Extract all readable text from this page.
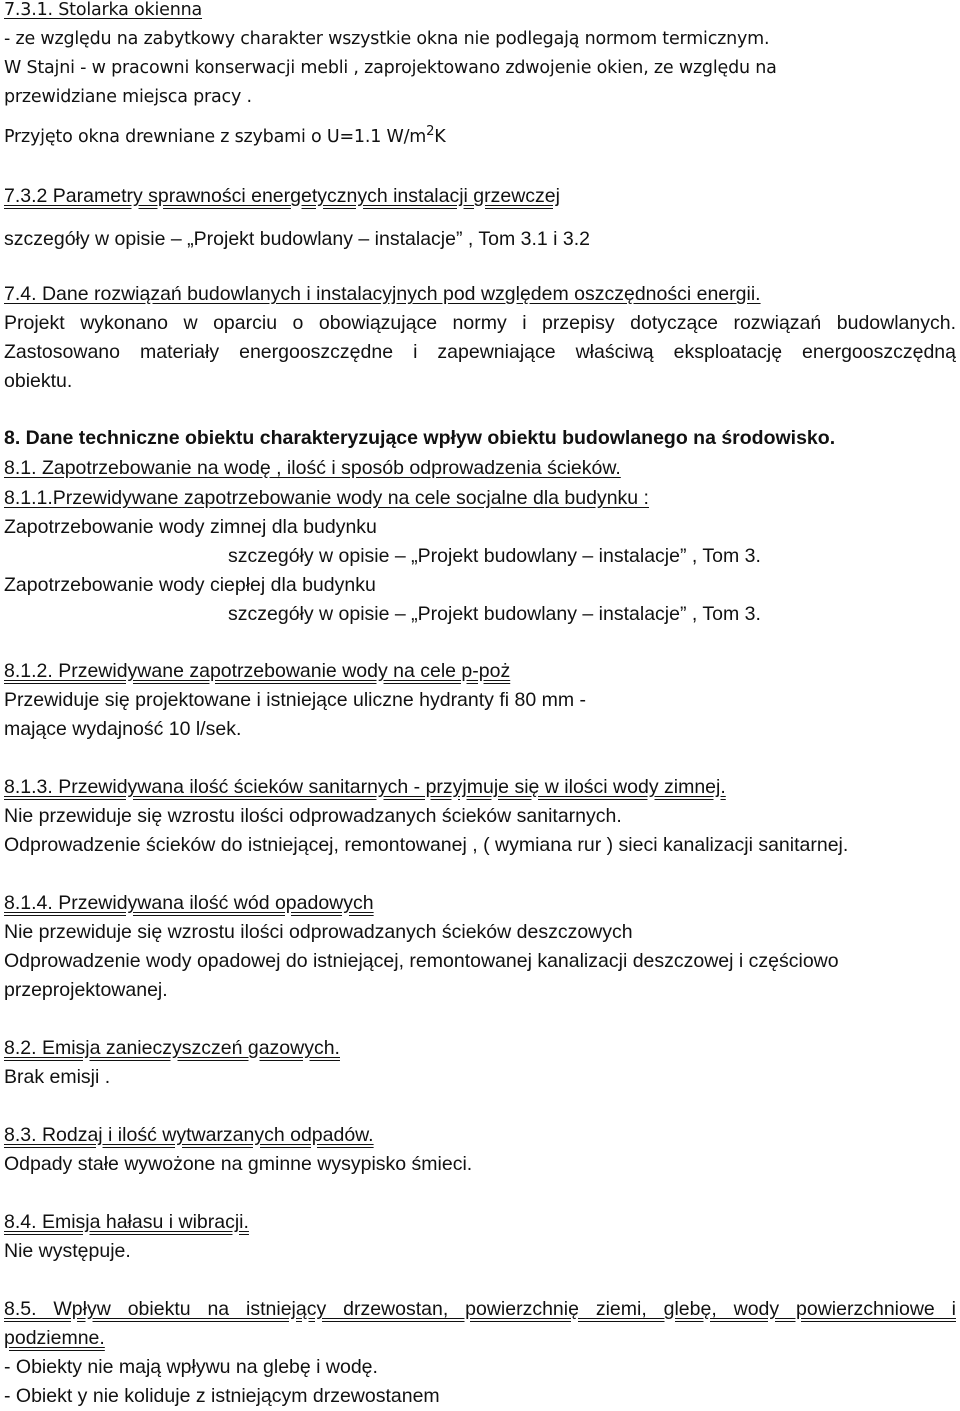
7.3.1. Stolarka okienna
- ze względu na zabytkowy charakter wszystkie okna nie podlegają normom termicznym.
W Stajni - w pracowni konserwacji mebli , zaprojektowano zdwojenie okien, ze względu na
przewidziane miejsca pracy .
Przyjęto okna drewniane z szybami o U=1.1 $W/m^2K$
7.3.2 Parametry sprawności energetycznych instalacji grzewczej
szczegóły w opisie – „Projekt budowlany – instalacje” , Tom 3.1 i 3.2
7.4. Dane rozwiązań budowlanych i instalacyjnych pod względem oszczędności energii.
Projekt wykonano w oparciu o obowiązujące normy i przepisy dotyczące rozwiązań budowlanych.
Zastosowano materiały energooszczędne i zapewniające właściwą eksploatację energooszczędną
obiektu.
8. Dane techniczne obiektu charakteryzujące wpływ obiektu budowlanego na środowisko.
8.1. Zapotrzebowanie na wodę , ilość i sposób odprowadzenia ścieków.
8.1.1.Przewidywane zapotrzebowanie wody na cele socjalne dla budynku :
Zapotrzebowanie wody zimnej dla budynku
szczegóły w opisie – „Projekt budowlany – instalacje” , Tom 3.
Zapotrzebowanie wody ciepłej dla budynku
szczegóły w opisie – „Projekt budowlany – instalacje” , Tom 3.
8.1.2. Przewidywane zapotrzebowanie wody na cele p-poż
Przewiduje się projektowane i istniejące uliczne hydranty fi 80 mm -
mające wydajność 10 l/sek.
8.1.3. Przewidywana ilość ścieków sanitarnych - przyjmuje się w ilości wody zimnej.
Nie przewiduje się wzrostu ilości odprowadzanych ścieków sanitarnych.
Odprowadzenie ścieków do istniejącej, remontowanej , ( wymiana rur ) sieci kanalizacji sanitarnej.
8.1.4. Przewidywana ilość wód opadowych
Nie przewiduje się wzrostu ilości odprowadzanych ścieków deszczowych
Odprowadzenie wody opadowej do istniejącej, remontowanej kanalizacji deszczowej i częściowo
przeprojektowanej.
8.2. Emisja zanieczyszczeń gazowych.
Brak emisji .
8.3. Rodzaj i ilość wytwarzanych odpadów.
Odpady stałe wywożone na gminne wysypisko śmieci.
8.4. Emisja hałasu i wibracji.
Nie występuje.
8.5. Wpływ obiektu na istniejący drzewostan, powierzchnię ziemi, glebę, wody powierzchniowe i
podziemne.
- Obiekty nie mają wpływu na glebę i wodę.
- Obiekt y nie koliduje z istniejącym drzewostanem
